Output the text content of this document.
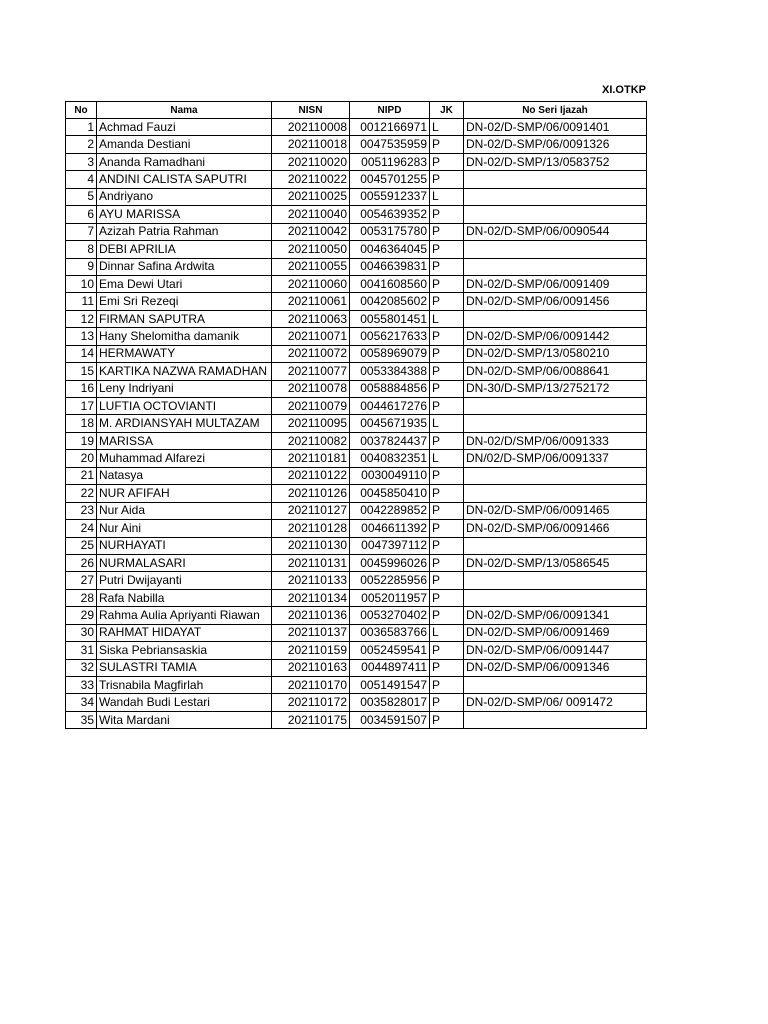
XI.OTKP
No	Nama	NISN	NIPD	JK	No Seri Ijazah
1	Achmad Fauzi	202110008	0012166971	L	DN-02/D-SMP/06/0091401
2	Amanda Destiani	202110018	0047535959	P	DN-02/D-SMP/06/0091326
3	Ananda Ramadhani	202110020	0051196283	P	DN-02/D-SMP/13/0583752
4	ANDINI CALISTA SAPUTRI	202110022	0045701255	P	
5	Andriyano	202110025	0055912337	L	
6	AYU MARISSA	202110040	0054639352	P	
7	Azizah Patria Rahman	202110042	0053175780	P	DN-02/D-SMP/06/0090544
8	DEBI APRILIA	202110050	0046364045	P	
9	Dinnar Safina Ardwita	202110055	0046639831	P	
10	Ema Dewi Utari	202110060	0041608560	P	DN-02/D-SMP/06/0091409
11	Emi Sri Rezeqi	202110061	0042085602	P	DN-02/D-SMP/06/0091456
12	FIRMAN SAPUTRA	202110063	0055801451	L	
13	Hany Shelomitha damanik	202110071	0056217633	P	DN-02/D-SMP/06/0091442
14	HERMAWATY	202110072	0058969079	P	DN-02/D-SMP/13/0580210
15	KARTIKA NAZWA RAMADHAN	202110077	0053384388	P	DN-02/D-SMP/06/0088641
16	Leny Indriyani	202110078	0058884856	P	DN-30/D-SMP/13/2752172
17	LUFTIA OCTOVIANTI	202110079	0044617276	P	
18	M. ARDIANSYAH MULTAZAM	202110095	0045671935	L	
19	MARISSA	202110082	0037824437	P	DN-02/D/SMP/06/0091333
20	Muhammad Alfarezi	202110181	0040832351	L	DN/02/D-SMP/06/0091337
21	Natasya	202110122	0030049110	P	
22	NUR AFIFAH	202110126	0045850410	P	
23	Nur Aida	202110127	0042289852	P	DN-02/D-SMP/06/0091465
24	Nur Aini	202110128	0046611392	P	DN-02/D-SMP/06/0091466
25	NURHAYATI	202110130	0047397112	P	
26	NURMALASARI	202110131	0045996026	P	DN-02/D-SMP/13/0586545
27	Putri Dwijayanti	202110133	0052285956	P	
28	Rafa Nabilla	202110134	0052011957	P	
29	Rahma Aulia Apriyanti Riawan	202110136	0053270402	P	DN-02/D-SMP/06/0091341
30	RAHMAT HIDAYAT	202110137	0036583766	L	DN-02/D-SMP/06/0091469
31	Siska Pebriansaskia	202110159	0052459541	P	DN-02/D-SMP/06/0091447
32	SULASTRI TAMIA	202110163	0044897411	P	DN-02/D-SMP/06/0091346
33	Trisnabila Magfirlah	202110170	0051491547	P	
34	Wandah Budi Lestari	202110172	0035828017	P	DN-02/D-SMP/06/ 0091472
35	Wita Mardani	202110175	0034591507	P	
